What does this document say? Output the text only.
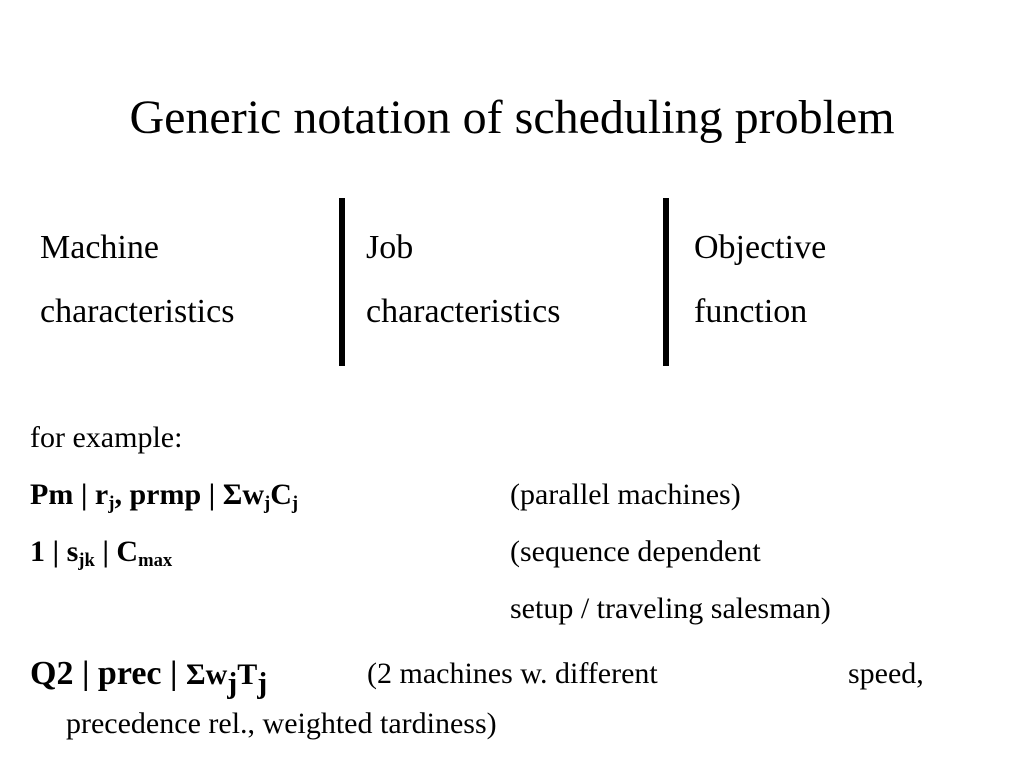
Generic notation of scheduling problem
Machine
characteristics
Job
characteristics
Objective
function
for example:
Pm | $r_j$, prmp | $\Sigma w_jC_j$	(parallel machines)
1 | $s_{jk}$ | $C_{max}$	(sequence dependent
setup / traveling salesman)
Q2 | prec | $\Sigma w_jT_j$	(2 machines w. different	speed,
precedence rel., weighted tardiness)
